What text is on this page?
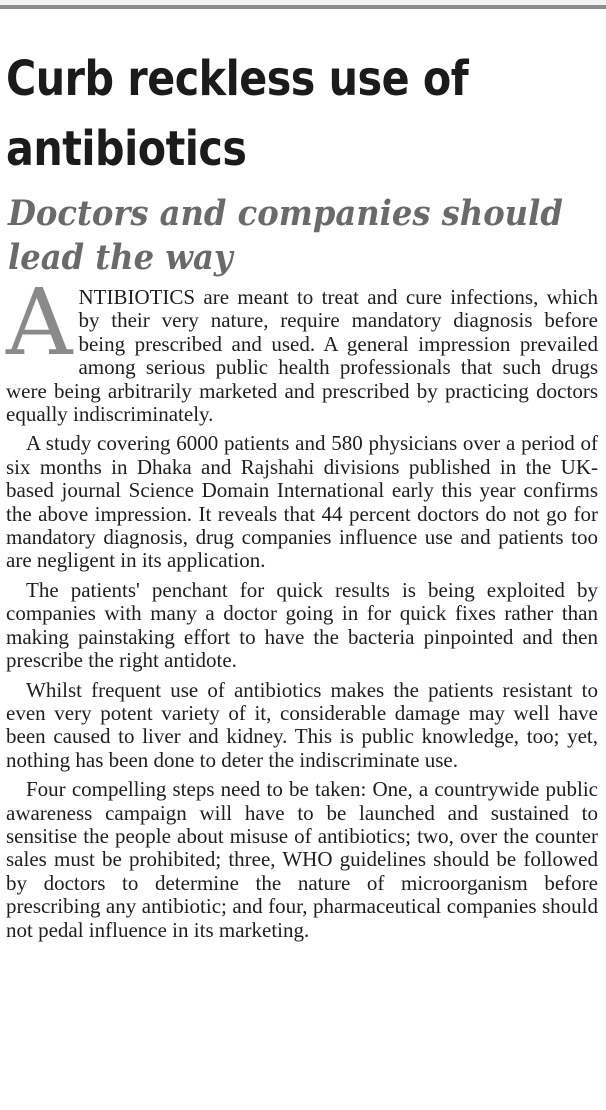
Curb reckless use of antibiotics
Doctors and companies should lead the way

ANTIBIOTICS are meant to treat and cure infections, which by their very nature, require mandatory diagnosis before being prescribed and used. A general impression prevailed among serious public health professionals that such drugs were being arbitrarily marketed and prescribed by practicing doctors equally indiscriminately.

A study covering 6000 patients and 580 physicians over a period of six months in Dhaka and Rajshahi divisions published in the UK-based journal Science Domain International early this year confirms the above impression. It reveals that 44 percent doctors do not go for mandatory diagnosis, drug companies influence use and patients too are negligent in its application.

The patients' penchant for quick results is being exploited by companies with many a doctor going in for quick fixes rather than making painstaking effort to have the bacteria pinpointed and then prescribe the right antidote.

Whilst frequent use of antibiotics makes the patients resistant to even very potent variety of it, considerable damage may well have been caused to liver and kidney. This is public knowledge, too; yet, nothing has been done to deter the indiscriminate use.

Four compelling steps need to be taken: One, a countrywide public awareness campaign will have to be launched and sustained to sensitise the people about misuse of antibiotics; two, over the counter sales must be prohibited; three, WHO guidelines should be followed by doctors to determine the nature of microorganism before prescribing any antibiotic; and four, pharmaceutical companies should not pedal influence in its marketing.
